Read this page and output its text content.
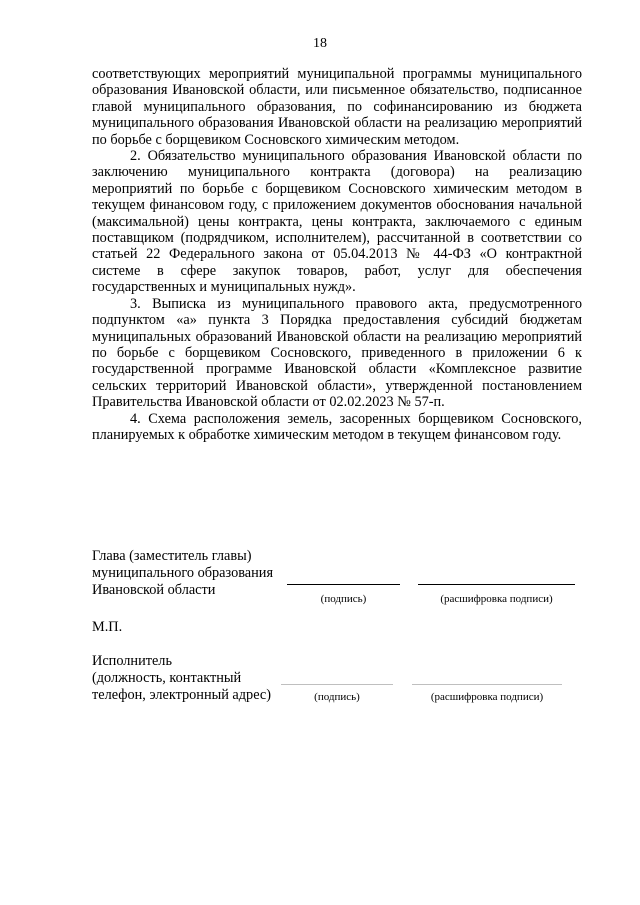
18

соответствующих мероприятий муниципальной программы муниципального образования Ивановской области, или письменное обязательство, подписанное главой муниципального образования, по софинансированию из бюджета муниципального образования Ивановской области на реализацию мероприятий по борьбе с борщевиком Сосновского химическим методом.

2. Обязательство муниципального образования Ивановской области по заключению муниципального контракта (договора) на реализацию мероприятий по борьбе с борщевиком Сосновского химическим методом в текущем финансовом году, с приложением документов обоснования начальной (максимальной) цены контракта, цены контракта, заключаемого с единым поставщиком (подрядчиком, исполнителем), рассчитанной в соответствии со статьей 22 Федерального закона от 05.04.2013 № 44-ФЗ «О контрактной системе в сфере закупок товаров, работ, услуг для обеспечения государственных и муниципальных нужд».

3. Выписка из муниципального правового акта, предусмотренного подпунктом «а» пункта 3 Порядка предоставления субсидий бюджетам муниципальных образований Ивановской области на реализацию мероприятий по борьбе с борщевиком Сосновского, приведенного в приложении 6 к государственной программе Ивановской области «Комплексное развитие сельских территорий Ивановской области», утвержденной постановлением Правительства Ивановской области от 02.02.2023 № 57-п.

4. Схема расположения земель, засоренных борщевиком Сосновского, планируемых к обработке химическим методом в текущем финансовом году.

Глава (заместитель главы)
муниципального образования
Ивановской области
(подпись)	(расшифровка подписи)
М.П.
Исполнитель
(должность, контактный
телефон, электронный адрес)	(подпись)	(расшифровка подписи)
